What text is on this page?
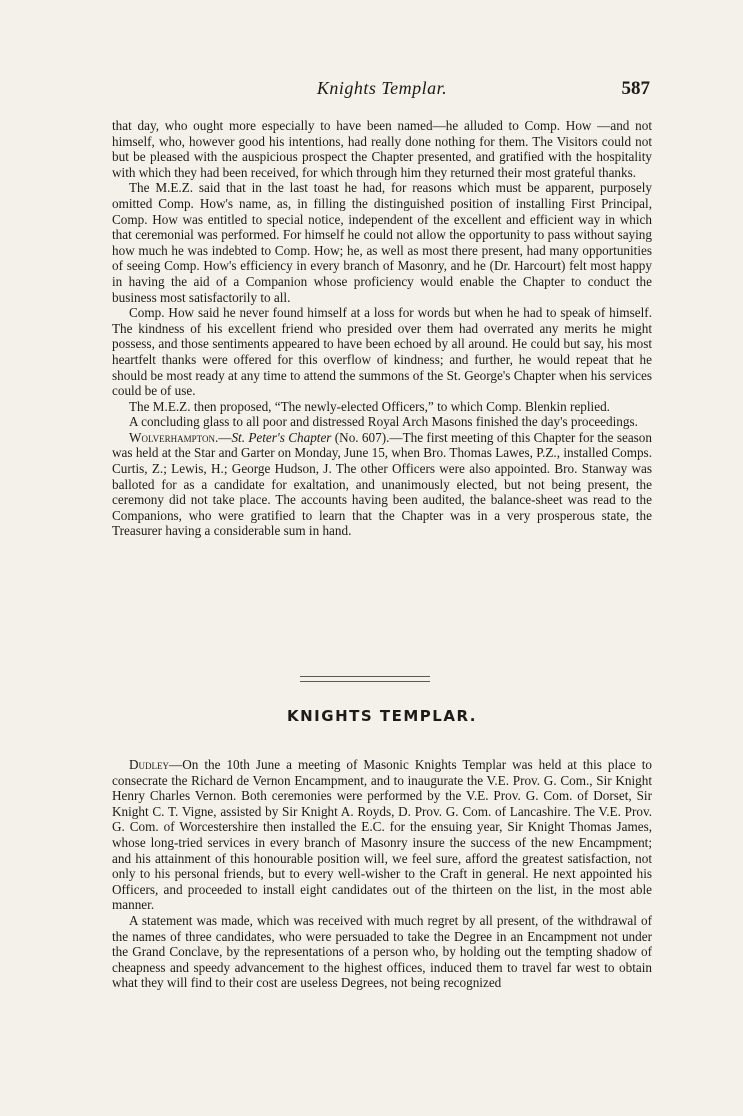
Knights Templar.	587

that day, who ought more especially to have been named—he alluded to Comp. How —and not himself, who, however good his intentions, had really done nothing for them. The Visitors could not but be pleased with the auspicious prospect the Chapter presented, and gratified with the hospitality with which they had been received, for which through him they returned their most grateful thanks.

The M.E.Z. said that in the last toast he had, for reasons which must be apparent, purposely omitted Comp. How's name, as, in filling the distinguished position of installing First Principal, Comp. How was entitled to special notice, independent of the excellent and efficient way in which that ceremonial was performed. For himself he could not allow the opportunity to pass without saying how much he was indebted to Comp. How; he, as well as most there present, had many opportunities of seeing Comp. How's efficiency in every branch of Masonry, and he (Dr. Harcourt) felt most happy in having the aid of a Companion whose proficiency would enable the Chapter to conduct the business most satisfactorily to all.

Comp. How said he never found himself at a loss for words but when he had to speak of himself. The kindness of his excellent friend who presided over them had overrated any merits he might possess, and those sentiments appeared to have been echoed by all around. He could but say, his most heartfelt thanks were offered for this overflow of kindness; and further, he would repeat that he should be most ready at any time to attend the summons of the St. George's Chapter when his services could be of use.

The M.E.Z. then proposed, “The newly-elected Officers,” to which Comp. Blenkin replied.

A concluding glass to all poor and distressed Royal Arch Masons finished the day's proceedings.

Wolverhampton.—St. Peter's Chapter (No. 607).—The first meeting of this Chapter for the season was held at the Star and Garter on Monday, June 15, when Bro. Thomas Lawes, P.Z., installed Comps. Curtis, Z.; Lewis, H.; George Hudson, J. The other Officers were also appointed. Bro. Stanway was balloted for as a candidate for exaltation, and unanimously elected, but not being present, the ceremony did not take place. The accounts having been audited, the balance-sheet was read to the Companions, who were gratified to learn that the Chapter was in a very prosperous state, the Treasurer having a considerable sum in hand.

KNIGHTS TEMPLAR.

Dudley—On the 10th June a meeting of Masonic Knights Templar was held at this place to consecrate the Richard de Vernon Encampment, and to inaugurate the V.E. Prov. G. Com., Sir Knight Henry Charles Vernon. Both ceremonies were performed by the V.E. Prov. G. Com. of Dorset, Sir Knight C. T. Vigne, assisted by Sir Knight A. Royds, D. Prov. G. Com. of Lancashire. The V.E. Prov. G. Com. of Worcestershire then installed the E.C. for the ensuing year, Sir Knight Thomas James, whose long-tried services in every branch of Masonry insure the success of the new Encampment; and his attainment of this honourable position will, we feel sure, afford the greatest satisfaction, not only to his personal friends, but to every well-wisher to the Craft in general. He next appointed his Officers, and proceeded to install eight candidates out of the thirteen on the list, in the most able manner.

A statement was made, which was received with much regret by all present, of the withdrawal of the names of three candidates, who were persuaded to take the Degree in an Encampment not under the Grand Conclave, by the representations of a person who, by holding out the tempting shadow of cheapness and speedy advancement to the highest offices, induced them to travel far west to obtain what they will find to their cost are useless Degrees, not being recognized
